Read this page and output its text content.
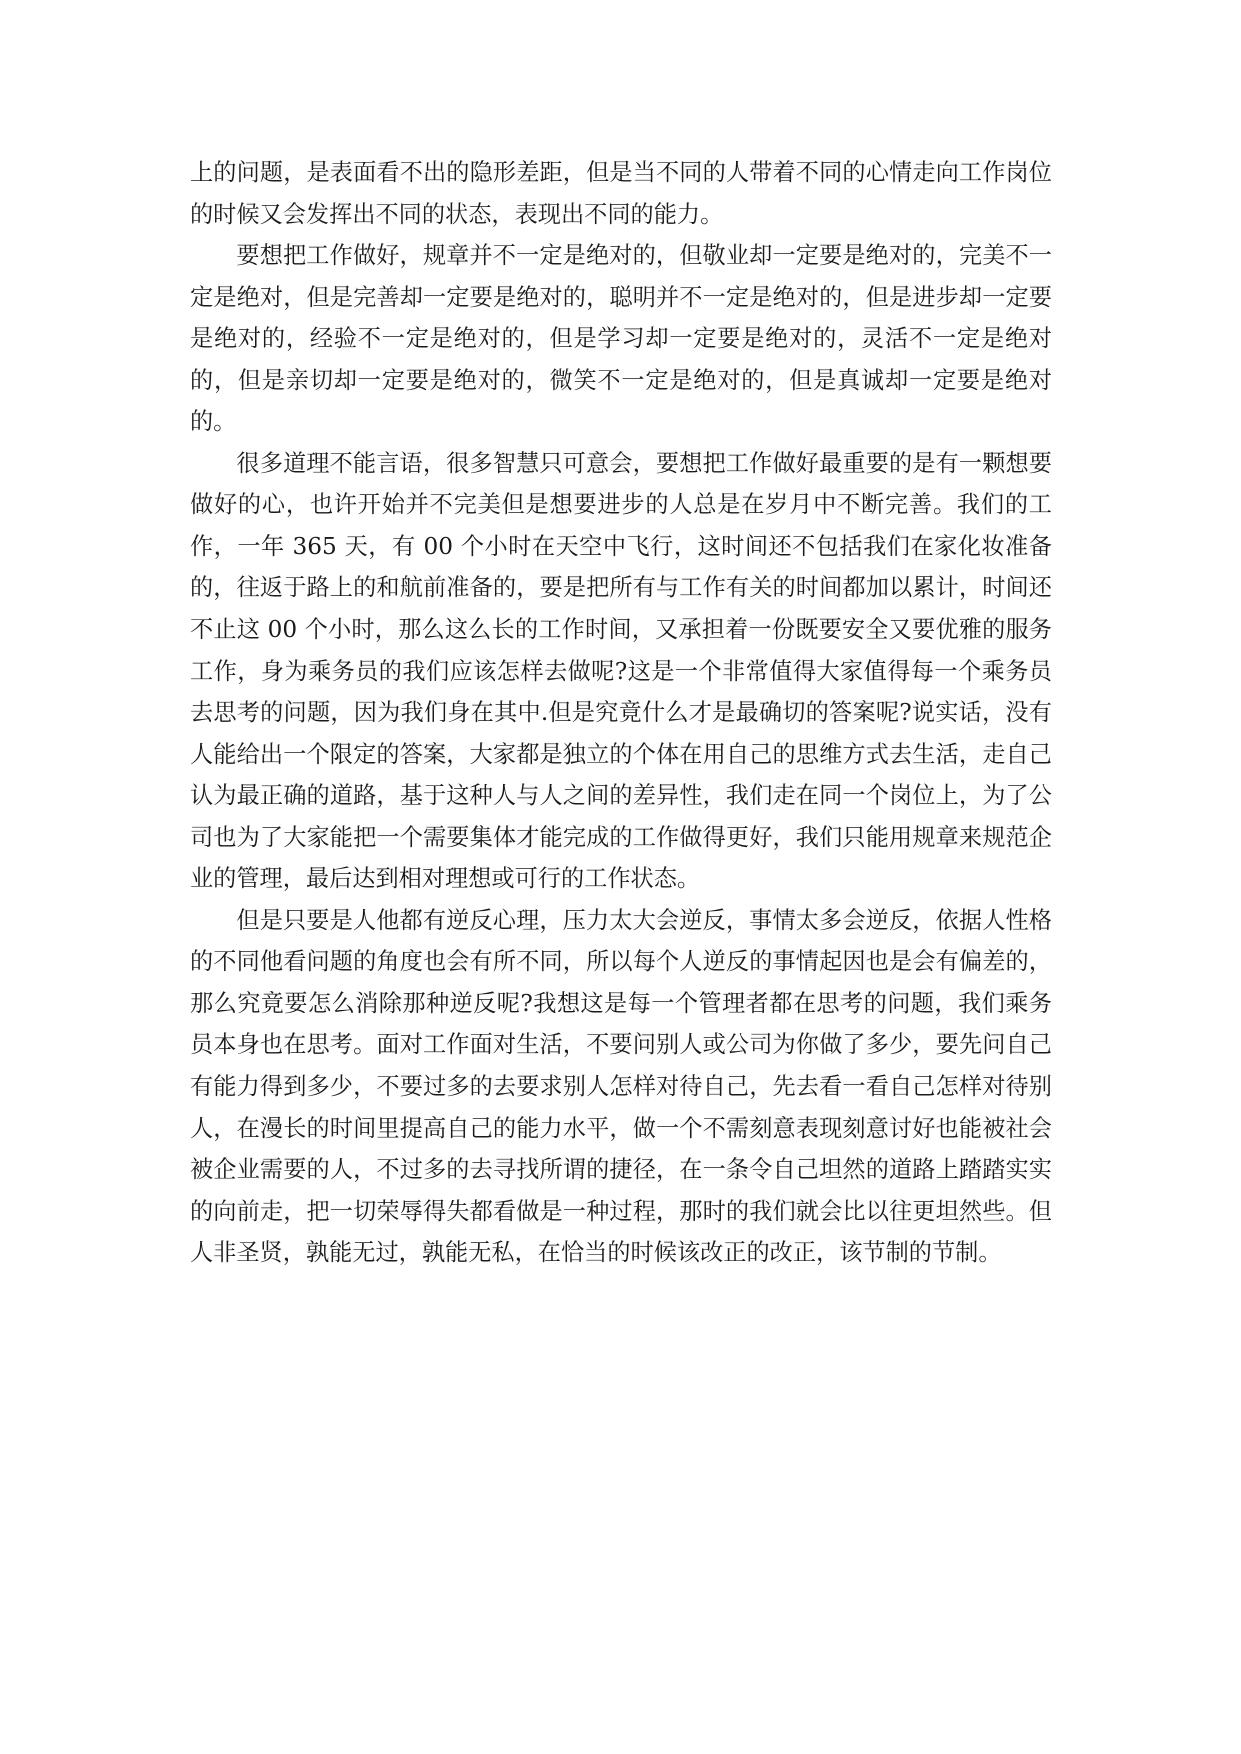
上的问题，是表面看不出的隐形差距，但是当不同的人带着不同的心情走向工作岗位的时候又会发挥出不同的状态，表现出不同的能力。

要想把工作做好，规章并不一定是绝对的，但敬业却一定要是绝对的，完美不一定是绝对，但是完善却一定要是绝对的，聪明并不一定是绝对的，但是进步却一定要是绝对的，经验不一定是绝对的，但是学习却一定要是绝对的，灵活不一定是绝对的，但是亲切却一定要是绝对的，微笑不一定是绝对的，但是真诚却一定要是绝对的。

很多道理不能言语，很多智慧只可意会，要想把工作做好最重要的是有一颗想要做好的心，也许开始并不完美但是想要进步的人总是在岁月中不断完善。我们的工作，一年 365 天，有 00 个小时在天空中飞行，这时间还不包括我们在家化妆准备的，往返于路上的和航前准备的，要是把所有与工作有关的时间都加以累计，时间还不止这 00 个小时，那么这么长的工作时间，又承担着一份既要安全又要优雅的服务工作，身为乘务员的我们应该怎样去做呢?这是一个非常值得大家值得每一个乘务员去思考的问题，因为我们身在其中.但是究竟什么才是最确切的答案呢?说实话，没有人能给出一个限定的答案，大家都是独立的个体在用自己的思维方式去生活，走自己认为最正确的道路，基于这种人与人之间的差异性，我们走在同一个岗位上，为了公司也为了大家能把一个需要集体才能完成的工作做得更好，我们只能用规章来规范企业的管理，最后达到相对理想或可行的工作状态。

但是只要是人他都有逆反心理，压力太大会逆反，事情太多会逆反，依据人性格的不同他看问题的角度也会有所不同，所以每个人逆反的事情起因也是会有偏差的，那么究竟要怎么消除那种逆反呢?我想这是每一个管理者都在思考的问题，我们乘务员本身也在思考。面对工作面对生活，不要问别人或公司为你做了多少，要先问自己有能力得到多少，不要过多的去要求别人怎样对待自己，先去看一看自己怎样对待别人，在漫长的时间里提高自己的能力水平，做一个不需刻意表现刻意讨好也能被社会被企业需要的人，不过多的去寻找所谓的捷径，在一条令自己坦然的道路上踏踏实实的向前走，把一切荣辱得失都看做是一种过程，那时的我们就会比以往更坦然些。但人非圣贤，孰能无过，孰能无私，在恰当的时候该改正的改正，该节制的节制。
